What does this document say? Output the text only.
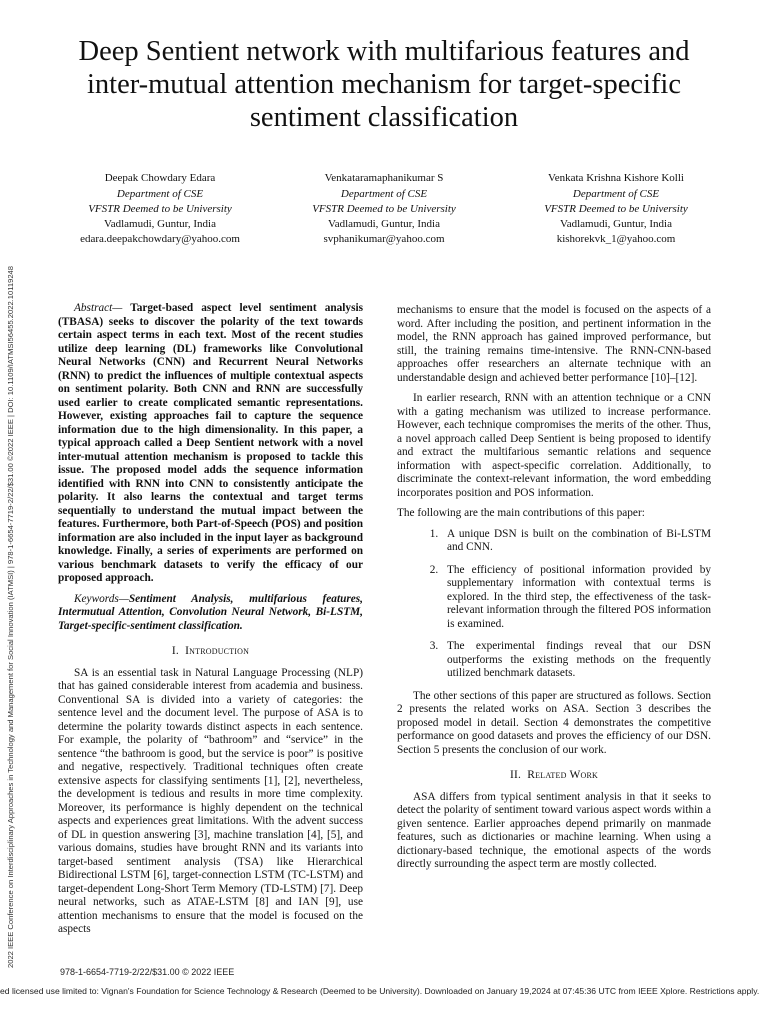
2022 IEEE Conference on Interdisciplinary Approaches in Technology and Management for Social Innovation (IATMSI) | 978-1-6654-7719-2/22/$31.00 ©2022 IEEE | DOI: 10.1109/IATMSI56455.2022.10119248
Deep Sentient network with multifarious features and inter-mutual attention mechanism for target-specific sentiment classification
Deepak Chowdary Edara
Department of CSE
VFSTR Deemed to be University
Vadlamudi, Guntur, India
edara.deepakchowdary@yahoo.com
Venkataramaphanikumar S
Department of CSE
VFSTR Deemed to be University
Vadlamudi, Guntur, India
svphanikumar@yahoo.com
Venkata Krishna Kishore Kolli
Department of CSE
VFSTR Deemed to be University
Vadlamudi, Guntur, India
kishorekvk_1@yahoo.com

Abstract— Target-based aspect level sentiment analysis (TBASA) seeks to discover the polarity of the text towards certain aspect terms in each text. Most of the recent studies utilize deep learning (DL) frameworks like Convolutional Neural Networks (CNN) and Recurrent Neural Networks (RNN) to predict the influences of multiple contextual aspects on sentiment polarity. Both CNN and RNN are successfully used earlier to create complicated semantic representations. However, existing approaches fail to capture the sequence information due to the high dimensionality. In this paper, a typical approach called a Deep Sentient network with a novel inter-mutual attention mechanism is proposed to tackle this issue. The proposed model adds the sequence information identified with RNN into CNN to consistently anticipate the polarity. It also learns the contextual and target terms sequentially to understand the mutual impact between the features. Furthermore, both Part-of-Speech (POS) and position information are also included in the input layer as background knowledge. Finally, a series of experiments are performed on various benchmark datasets to verify the efficacy of our proposed approach.

Keywords—Sentiment Analysis, multifarious features, Intermutual Attention, Convolution Neural Network, Bi-LSTM, Target-specific-sentiment classification.

I. Introduction

SA is an essential task in Natural Language Processing (NLP) that has gained considerable interest from academia and business. Conventional SA is divided into a variety of categories: the sentence level and the document level. The purpose of ASA is to determine the polarity towards distinct aspects in each sentence. For example, the polarity of “bathroom” and “service” in the sentence “the bathroom is good, but the service is poor” is positive and negative, respectively. Traditional techniques often create extensive aspects for classifying sentiments [1], [2], nevertheless, the development is tedious and results in more time complexity. Moreover, its performance is highly dependent on the technical aspects and experiences great limitations. With the advent success of DL in question answering [3], machine translation [4], [5], and various domains, studies have brought RNN and its variants into target-based sentiment analysis (TSA) like Hierarchical Bidirectional LSTM [6], target-connection LSTM (TC-LSTM) and target-dependent Long-Short Term Memory (TD-LSTM) [7]. Deep neural networks, such as ATAE-LSTM [8] and IAN [9], use attention mechanisms to ensure that the model is focused on the aspects

mechanisms to ensure that the model is focused on the aspects of a word. After including the position, and pertinent information in the model, the RNN approach has gained improved performance, but still, the training remains time-intensive. The RNN-CNN-based approaches offer researchers an alternate technique with an understandable design and achieved better performance [10]–[12].

In earlier research, RNN with an attention technique or a CNN with a gating mechanism was utilized to increase performance. However, each technique compromises the merits of the other. Thus, a novel approach called Deep Sentient is being proposed to identify and extract the multifarious semantic relations and sequence information with aspect-specific correlation. Additionally, to discriminate the context-relevant information, the word embedding incorporates position and POS information.

The following are the main contributions of this paper:

1. A unique DSN is built on the combination of Bi-LSTM and CNN.
2. The efficiency of positional information provided by supplementary information with contextual terms is explored. In the third step, the effectiveness of the task-relevant information through the filtered POS information is examined.
3. The experimental findings reveal that our DSN outperforms the existing methods on the frequently utilized benchmark datasets.

The other sections of this paper are structured as follows. Section 2 presents the related works on ASA. Section 3 describes the proposed model in detail. Section 4 demonstrates the competitive performance on good datasets and proves the efficiency of our DSN. Section 5 presents the conclusion of our work.

II. Related Work

ASA differs from typical sentiment analysis in that it seeks to detect the polarity of sentiment toward various aspect words within a given sentence. Earlier approaches depend primarily on manmade features, such as dictionaries or machine learning. When using a dictionary-based technique, the emotional aspects of the words directly surrounding the aspect term are mostly collected.

978-1-6654-7719-2/22/$31.00 © 2022 IEEE
ed licensed use limited to: Vignan's Foundation for Science Technology & Research (Deemed to be University). Downloaded on January 19,2024 at 07:45:36 UTC from IEEE Xplore. Restrictions apply.
